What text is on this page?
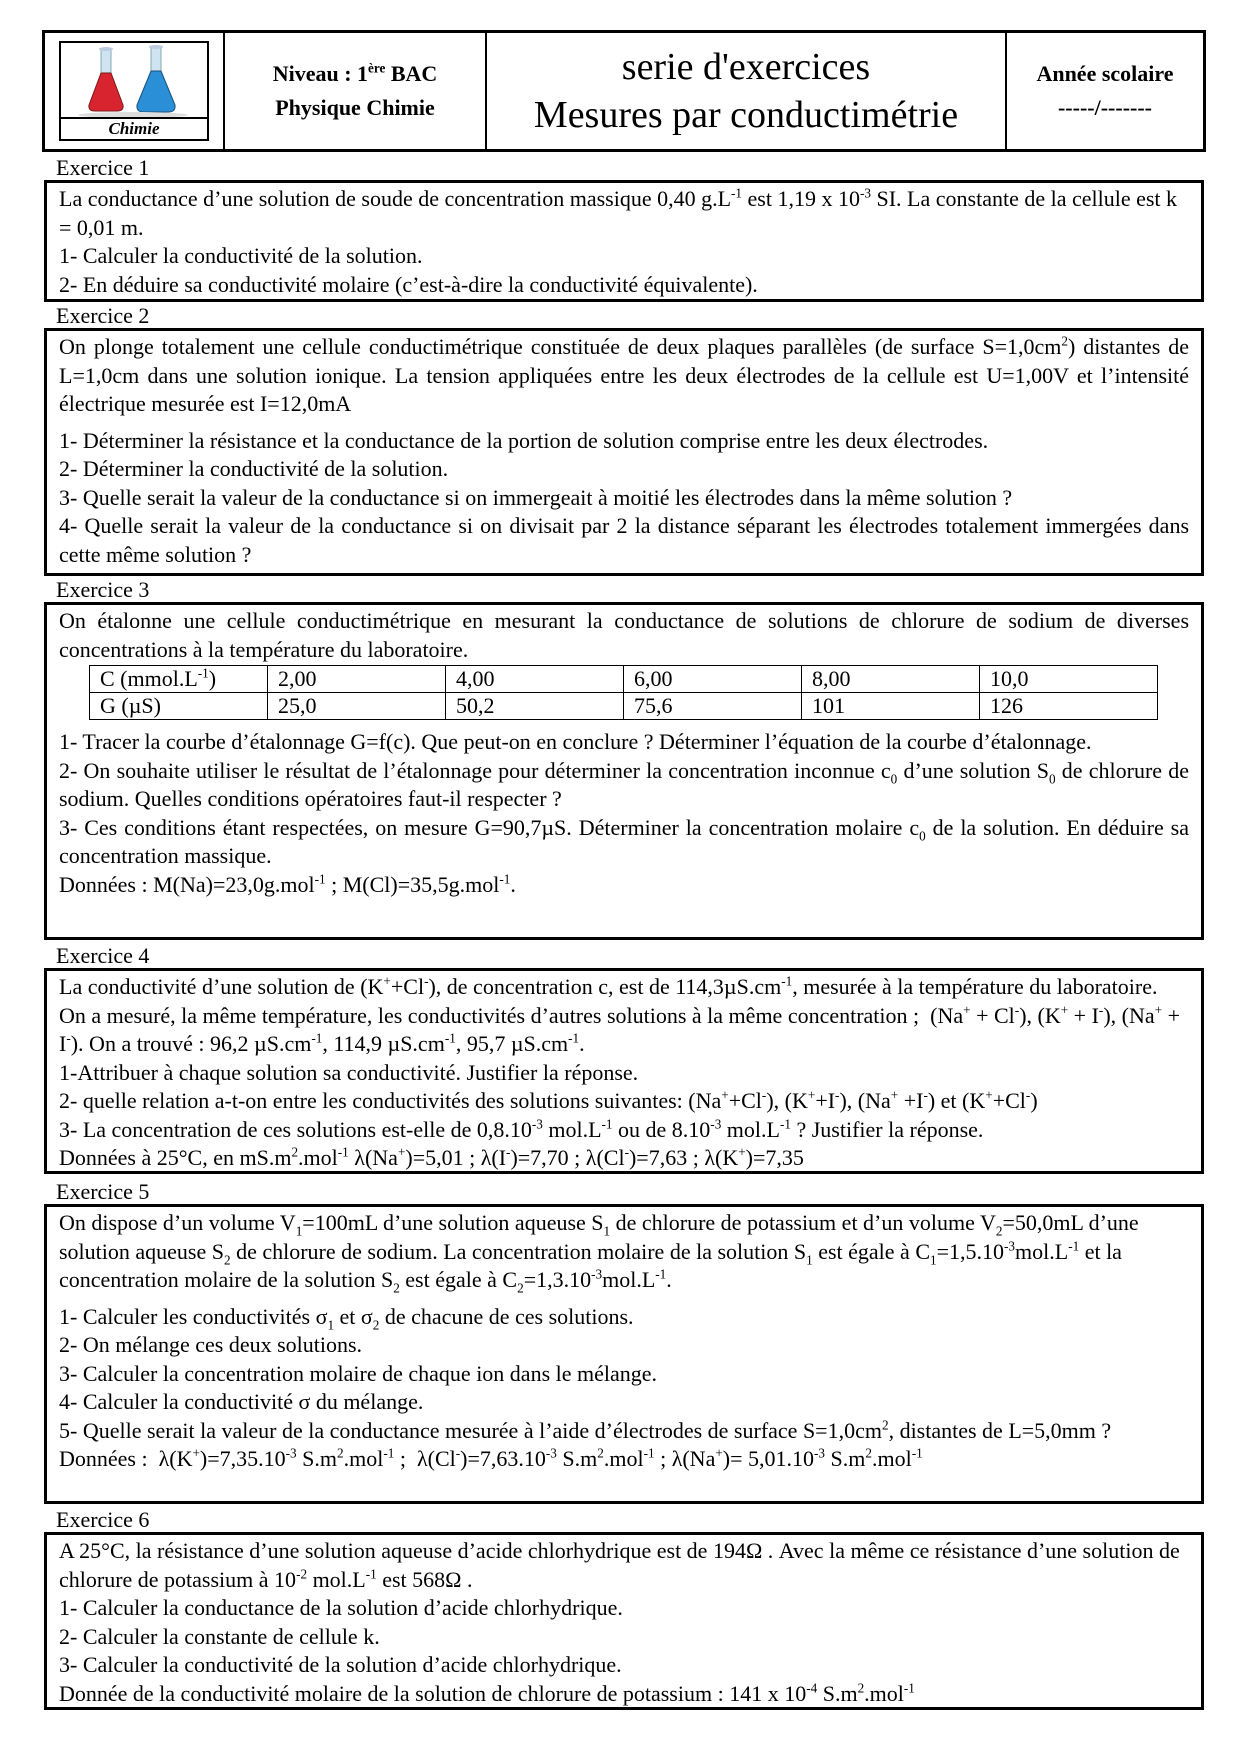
Chimie
Niveau : 1ère BAC
Physique Chimie
serie d'exercices
Mesures par conductimétrie
Année scolaire
-----/-------
Exercice 1

La conductance d’une solution de soude de concentration massique 0,40 $g.L^{-1}$ est 1,19 x $10^{-3}$ SI. La constante de la cellule est k = 0,01 m.

1- Calculer la conductivité de la solution.

2- En déduire sa conductivité molaire (c’est-à-dire la conductivité équivalente).

Exercice 2

On plonge totalement une cellule conductimétrique constituée de deux plaques parallèles (de surface $S=1,0cm^2$) distantes de L=1,0cm dans une solution ionique. La tension appliquées entre les deux électrodes de la cellule est U=1,00V et l’intensité électrique mesurée est I=12,0mA

1- Déterminer la résistance et la conductance de la portion de solution comprise entre les deux électrodes.

2- Déterminer la conductivité de la solution.

3- Quelle serait la valeur de la conductance si on immergeait à moitié les électrodes dans la même solution ?

4- Quelle serait la valeur de la conductance si on divisait par 2 la distance séparant les électrodes totalement immergées dans cette même solution ?

Exercice 3

On étalonne une cellule conductimétrique en mesurant la conductance de solutions de chlorure de sodium de diverses concentrations à la température du laboratoire.

C $(mmol.L^{-1})$	2,00	4,00	6,00	8,00	10,0
G (µS)	25,0	50,2	75,6	101	126

1- Tracer la courbe d’étalonnage G=f(c). Que peut-on en conclure ? Déterminer l’équation de la courbe d’étalonnage.

2- On souhaite utiliser le résultat de l’étalonnage pour déterminer la concentration inconnue $c_0$ d’une solution $S_0$ de chlorure de sodium. Quelles conditions opératoires faut-il respecter ?

3- Ces conditions étant respectées, on mesure G=90,7µS. Déterminer la concentration molaire $c_0$ de la solution. En déduire sa concentration massique.

Données : M(Na)=23,0g.mol$^{-1}$ ; M(Cl)=35,5g.mol$^{-1}$.

Exercice 4

La conductivité d’une solution de (K++Cl-), de concentration c, est de $114,3\mu S.cm^{-1}$, mesurée à la température du laboratoire. On a mesuré, la même température, les conductivités d’autres solutions à la même concentration ;  (Na+ + Cl-), (K+ + I-), (Na+ + I-). On a trouvé : 96,2 $\mu S.cm^{-1}$, 114,9 $\mu S.cm^{-1}$, 95,7 $\mu S.cm^{-1}$.

1-Attribuer à chaque solution sa conductivité. Justifier la réponse.

2- quelle relation a-t-on entre les conductivités des solutions suivantes: (Na++Cl-), (K++I-), (Na+ +I-) et (K++Cl-)

3- La concentration de ces solutions est-elle de $0,8.10^{-3}$ $mol.L^{-1}$ ou de $8.10^{-3}$ $mol.L^{-1}$ ? Justifier la réponse.

Données à 25°C, en $mS.m^2.mol^{-1}$ λ(Na+)=5,01 ; λ(I-)=7,70 ; λ(Cl-)=7,63 ; λ(K+)=7,35

Exercice 5

On dispose d’un volume $V_1=100mL$ d’une solution aqueuse $S_1$ de chlorure de potassium et d’un volume $V_2=50,0mL$ d’une solution aqueuse $S_2$ de chlorure de sodium. La concentration molaire de la solution $S_1$ est égale à $C_1=1,5.10^{-3}mol.L^{-1}$ et la concentration molaire de la solution $S_2$ est égale à $C_2=1,3.10^{-3}mol.L^{-1}$.

1- Calculer les conductivités $\sigma_1$ et $\sigma_2$ de chacune de ces solutions.

2- On mélange ces deux solutions.

3- Calculer la concentration molaire de chaque ion dans le mélange.

4- Calculer la conductivité σ du mélange.

5- Quelle serait la valeur de la conductance mesurée à l’aide d’électrodes de surface $S=1,0cm^2$, distantes de L=5,0mm ?

Données :  $\lambda(K^+)=7,35.10^{-3}$ $S.m^2.mol^{-1}$ ;  $\lambda(Cl^-)=7,63.10^{-3}$ $S.m^2.mol^{-1}$ ; $\lambda(Na^+)= 5,01.10^{-3}$ $S.m^2.mol^{-1}$

Exercice 6

A 25°C, la résistance d’une solution aqueuse d’acide chlorhydrique est de 194Ω . Avec la même ce résistance d’une solution de chlorure de potassium à $10^{-2}$ $mol.L^{-1}$ est 568Ω .

1- Calculer la conductance de la solution d’acide chlorhydrique.

2- Calculer la constante de cellule k.

3- Calculer la conductivité de la solution d’acide chlorhydrique.

Donnée de la conductivité molaire de la solution de chlorure de potassium : 141 x $10^{-4}$ $S.m^2.mol^{-1}$
